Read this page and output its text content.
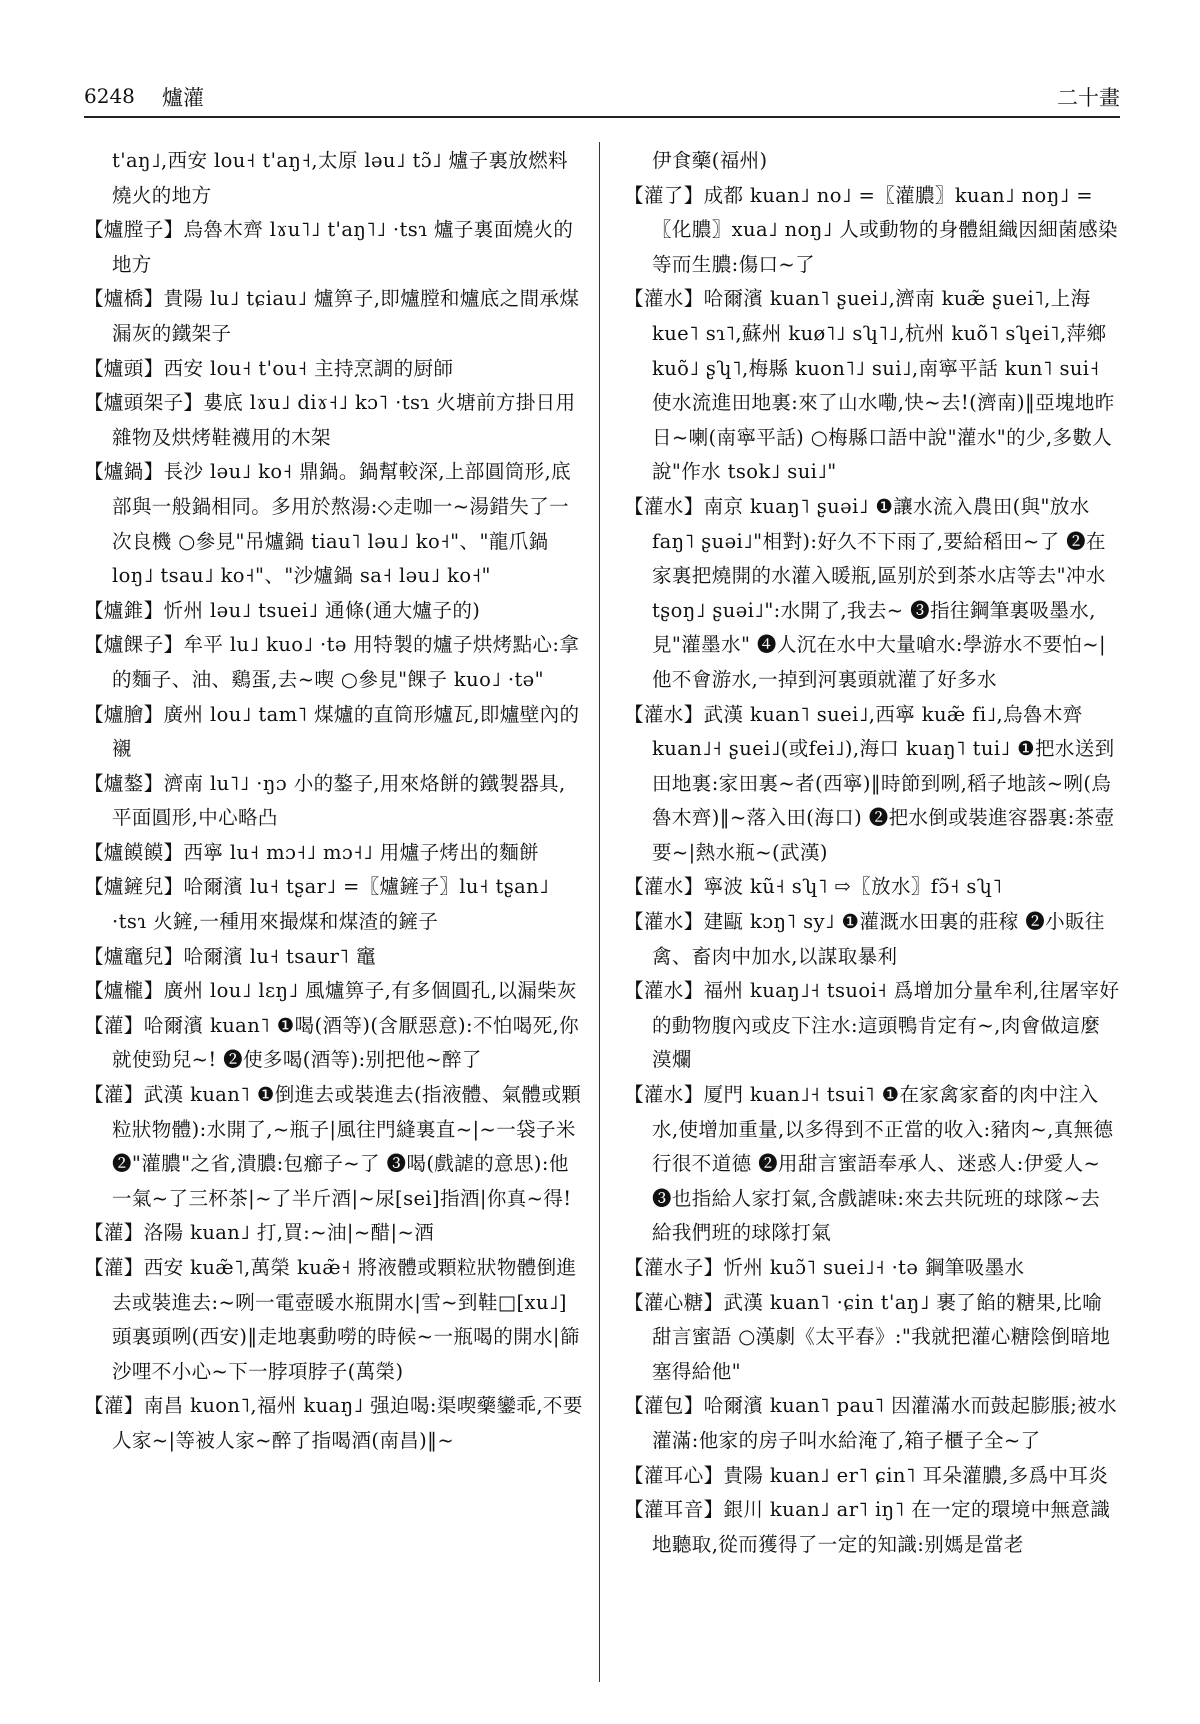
6248 爐灌	二十畫
t'aŋ˩,西安 lou˧ t'aŋ˧,太原 ləu˩ tɔ̃˩ 爐子裏放燃料燒火的地方
【爐膛子】烏魯木齊 lɤu˥˩ t'aŋ˥˩ ·tsɿ 爐子裏面燒火的地方
【爐橋】貴陽 lu˩ tɕiau˩ 爐箅子,即爐膛和爐底之間承煤漏灰的鐵架子
【爐頭】西安 lou˧ t'ou˧ 主持烹調的厨師
【爐頭架子】婁底 lɤu˩ diɤ˧˩ kɔ˥ ·tsɿ 火塘前方掛日用雜物及烘烤鞋襪用的木架
【爐鍋】長沙 ləu˩ ko˧ 鼎鍋。鍋幫較深,上部圓筒形,底部與一般鍋相同。多用於熬湯:◇走咖一~湯錯失了一次良機 ○參見"吊爐鍋 tiau˥ ləu˩ ko˧"、"龍爪鍋 loŋ˩ tsau˩ ko˧"、"沙爐鍋 sa˧ ləu˩ ko˧"
【爐錐】忻州 ləu˩ tsuei˩ 通條(通大爐子的)
【爐餜子】牟平 lu˩ kuo˩ ·tə 用特製的爐子烘烤點心:拿的麵子、油、鷄蛋,去~喫 ○參見"餜子 kuo˩ ·tə"
【爐膾】廣州 lou˩ tam˥ 煤爐的直筒形爐瓦,即爐壁內的襯
【爐鏊】濟南 lu˥˩ ·ŋɔ 小的鏊子,用來烙餅的鐵製器具,平面圓形,中心略凸
【爐饃饃】西寧 lu˧ mɔ˧˩ mɔ˧˩ 用爐子烤出的麵餅
【爐鏟兒】哈爾濱 lu˧ tʂar˩ =〖爐鏟子〗lu˧ tʂan˩ ·tsɿ 火鏟,一種用來撮煤和煤渣的鏟子
【爐竈兒】哈爾濱 lu˧ tsaur˥ 竈
【爐櫳】廣州 lou˩ lɛŋ˩ 風爐箅子,有多個圓孔,以漏柴灰
【灌】哈爾濱 kuan˥ ❶喝(酒等)(含厭惡意):不怕喝死,你就使勁兒~! ❷使多喝(酒等):别把他~醉了
【灌】武漢 kuan˥ ❶倒進去或裝進去(指液體、氣體或顆粒狀物體):水開了,~瓶子|風往門縫裏直~|~一袋子米 ❷"灌膿"之省,潰膿:包癤子~了 ❸喝(戲謔的意思):他一氣~了三杯茶|~了半斤酒|~尿[sei]指酒|你真~得!
【灌】洛陽 kuan˩ 打,買:~油|~醋|~酒
【灌】西安 kuæ̃˥,萬榮 kuæ̃˧ 將液體或顆粒狀物體倒進去或裝進去:~咧一電壺暖水瓶開水|雪~到鞋□[xu˩]頭裏頭咧(西安)‖走地裏動嘮的時候~一瓶喝的開水|篩沙哩不小心~下一脖項脖子(萬榮)
【灌】南昌 kuon˥,福州 kuaŋ˩ 强迫喝:渠喫藥鑾乖,不要人家~|等被人家~醉了指喝酒(南昌)‖~
伊食藥(福州)
【灌了】成都 kuan˩ no˩ =〖灌膿〗kuan˩ noŋ˩ =〖化膿〗xua˩ noŋ˩ 人或動物的身體組織因細菌感染等而生膿:傷口~了
【灌水】哈爾濱 kuan˥ ʂuei˩,濟南 kuæ̃ ʂuei˥,上海 kue˥ sɿ˥,蘇州 kuø˥˩ sʮ˥˩,杭州 kuõ˥ sʮei˥,萍鄉 kuõ˩ ʂʮ˥,梅縣 kuon˥˩ sui˩,南寧平話 kun˥ sui˧ 使水流進田地裏:來了山水嘞,快~去!(濟南)‖亞塊地昨日~喇(南寧平話) ○梅縣口語中說"灌水"的少,多數人說"作水 tsok˩ sui˩"
【灌水】南京 kuaŋ˥ ʂuəi˩ ❶讓水流入農田(與"放水 faŋ˥ ʂuəi˩"相對):好久不下雨了,要給稻田~了 ❷在家裏把燒開的水灌入暖瓶,區别於到茶水店等去"冲水 tʂoŋ˩ ʂuəi˩":水開了,我去~ ❸指往鋼筆裏吸墨水,見"灌墨水" ❹人沉在水中大量嗆水:學游水不要怕~|他不會游水,一掉到河裏頭就灌了好多水
【灌水】武漢 kuan˥ suei˩,西寧 kuæ̃ fi˩,烏魯木齊 kuan˩˧ ʂuei˩(或fei˩),海口 kuaŋ˥ tui˩ ❶把水送到田地裏:家田裏~者(西寧)‖時節到咧,稻子地該~咧(烏魯木齊)‖~落入田(海口) ❷把水倒或裝進容器裏:茶壺要~|熱水瓶~(武漢)
【灌水】寧波 kũ˧ sʮ˥ ⇨〖放水〗fɔ̃˧ sʮ˥
【灌水】建甌 kɔŋ˥ sy˩ ❶灌溉水田裏的莊稼 ❷小販往禽、畜肉中加水,以謀取暴利
【灌水】福州 kuaŋ˩˧ tsuoi˧ 爲增加分量牟利,往屠宰好的動物腹內或皮下注水:這頭鴨肯定有~,肉會做這麼漠爛
【灌水】厦門 kuan˩˧ tsui˥ ❶在家禽家畜的肉中注入水,使增加重量,以多得到不正當的收入:豬肉~,真無德行很不道德 ❷用甜言蜜語奉承人、迷惑人:伊愛人~ ❸也指給人家打氣,含戲謔味:來去共阮班的球隊~去給我們班的球隊打氣
【灌水子】忻州 kuɔ̃˥ suei˩˧ ·tə 鋼筆吸墨水
【灌心糖】武漢 kuan˥ ·ɕin t'aŋ˩ 裹了餡的糖果,比喻甜言蜜語 ○漢劇《太平春》:"我就把灌心糖陰倒暗地塞得給他"
【灌包】哈爾濱 kuan˥ pau˥ 因灌滿水而鼓起膨脹;被水灌滿:他家的房子叫水給淹了,箱子櫃子全~了
【灌耳心】貴陽 kuan˩ er˥ ɕin˥ 耳朵灌膿,多爲中耳炎
【灌耳音】銀川 kuan˩ ar˥ iŋ˥ 在一定的環境中無意識地聽取,從而獲得了一定的知識:别媽是當老
